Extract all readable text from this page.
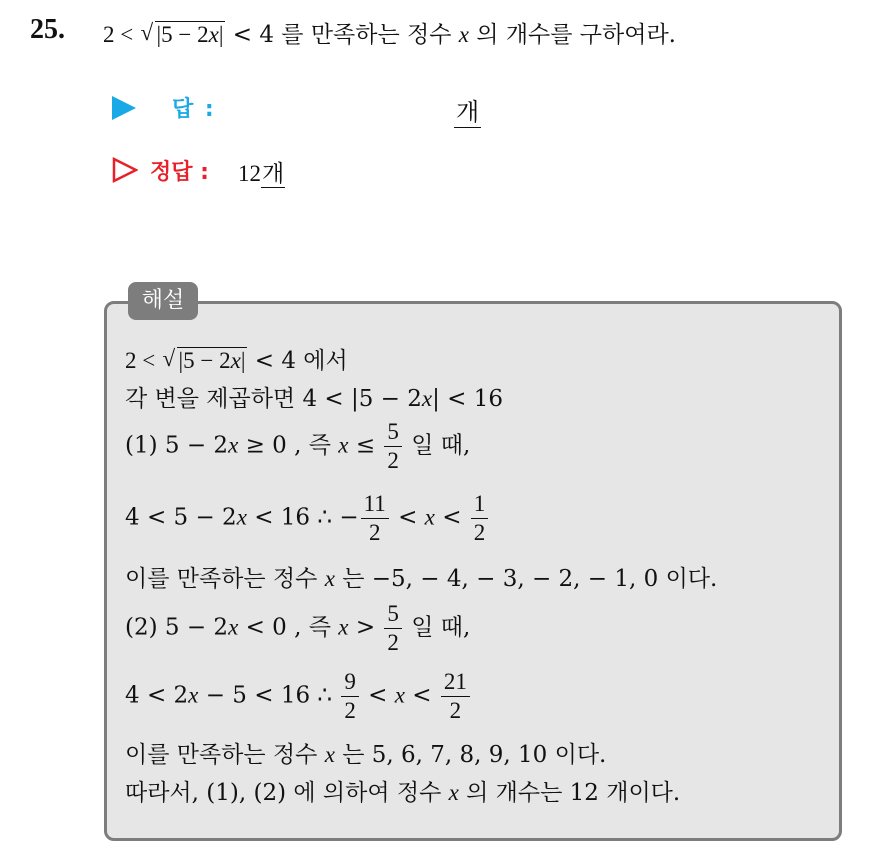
25. 2 < √ |5 − 2x| < 4 를 만족하는 정수 x 의 개수를 구하여라.
답 :	개
정답 : 12개
해설
2 < √ |5 − 2x| < 4 에서
각 변을 제곱하면 4 < |5 − 2x| < 16
(1) 5 − 2x ≥ 0 , 즉 $x \le \frac{5}{2}$ 일 때,
4 < 5 − 2x < 16 ∴ − $\frac{11}{2} < x < \frac{1}{2}$
이를 만족하는 정수 x 는 −5, − 4, − 3, − 2, − 1, 0 이다.
(2) 5 − 2x < 0 , 즉 $x > \frac{5}{2}$ 일 때,
4 < 2x − 5 < 16 ∴ $\frac{9}{2} < x < \frac{21}{2}$
이를 만족하는 정수 x 는 5, 6, 7, 8, 9, 10 이다.
따라서, (1), (2) 에 의하여 정수 x 의 개수는 12 개이다.
